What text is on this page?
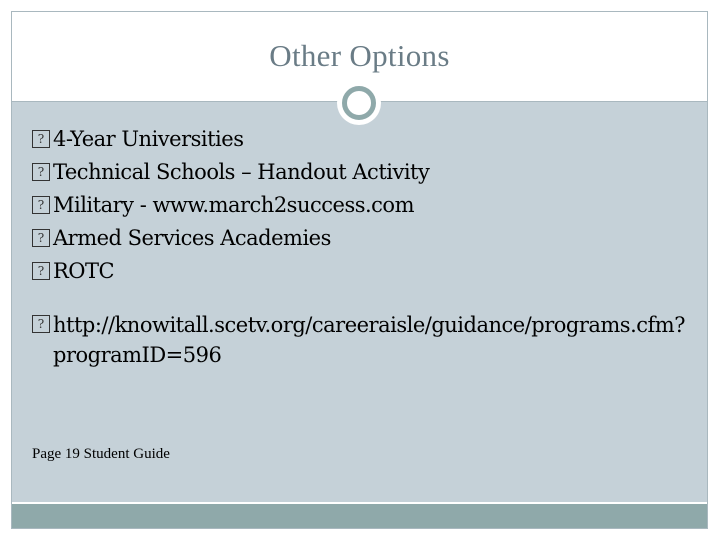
Other Options
? 4-Year Universities
? Technical Schools – Handout Activity
? Military - www.march2success.com
? Armed Services Academies
? ROTC
? http://knowitall.scetv.org/careeraisle/guidance/programs.cfm?programID=596
Page 19 Student Guide
